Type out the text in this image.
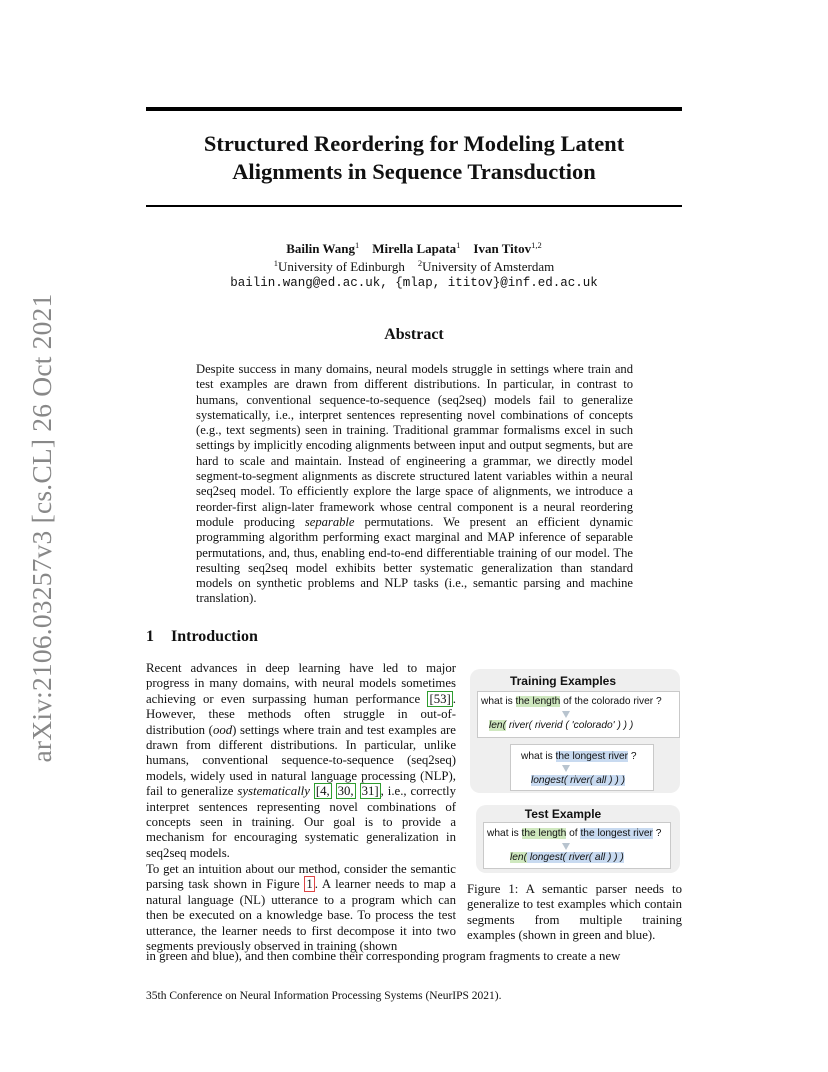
arXiv:2106.03257v3 [cs.CL] 26 Oct 2021
Structured Reordering for Modeling Latent
Alignments in Sequence Transduction
Bailin Wang$^1$ Mirella Lapata$^1$ Ivan Titov$^{1,2}$
$^1$University of Edinburgh $^2$University of Amsterdam
bailin.wang@ed.ac.uk, {mlap, ititov}@inf.ed.ac.uk
Abstract
Despite success in many domains, neural models struggle in settings where train and test examples are drawn from different distributions. In particular, in contrast to humans, conventional sequence-to-sequence (seq2seq) models fail to generalize systematically, i.e., interpret sentences representing novel combinations of concepts (e.g., text segments) seen in training. Traditional grammar formalisms excel in such settings by implicitly encoding alignments between input and output segments, but are hard to scale and maintain. Instead of engineering a grammar, we directly model segment-to-segment alignments as discrete structured latent variables within a neural seq2seq model. To efficiently explore the large space of alignments, we introduce a reorder-first align-later framework whose central component is a neural reordering module producing separable permutations. We present an efficient dynamic programming algorithm performing exact marginal and MAP inference of separable permutations, and, thus, enabling end-to-end differentiable training of our model. The resulting seq2seq model exhibits better systematic generalization than standard models on synthetic problems and NLP tasks (i.e., semantic parsing and machine translation).
1 Introduction
Recent advances in deep learning have led to major progress in many domains, with neural models sometimes achieving or even surpassing human performance [53] . However, these methods often struggle in out-of-distribution (ood) settings where train and test examples are drawn from different distributions. In particular, unlike humans, conventional sequence-to-sequence (seq2seq) models, widely used in natural language processing (NLP), fail to generalize systematically [4, 30, 31] , i.e., correctly interpret sentences representing novel combinations of concepts seen in training. Our goal is to provide a mechanism for encouraging systematic generalization in seq2seq models.
To get an intuition about our method, consider the semantic parsing task shown in Figure 1 . A learner needs to map a natural language (NL) utterance to a program which can then be executed on a knowledge base. To process the test utterance, the learner needs to first decompose it into two segments previously observed in training (shown
in green and blue), and then combine their corresponding program fragments to create a new
Training Examples
what is the length of the colorado river ?
len( river( riverid ( 'colorado' ) ) )
what is the longest river ?
longest( river( all ) ) )
Test Example
what is the length of the longest river ?
len( longest( river( all ) ) )
Figure 1: A semantic parser needs to generalize to test examples which contain segments from multiple training examples (shown in green and blue).
35th Conference on Neural Information Processing Systems (NeurIPS 2021).
